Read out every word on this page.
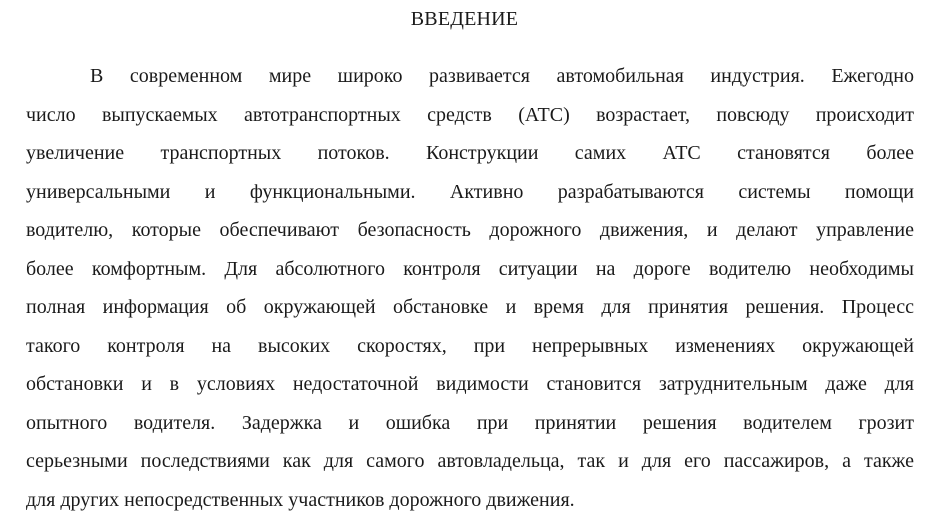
ВВЕДЕНИЕ
В современном мире широко развивается автомобильная индустрия. Ежегодно
число выпускаемых автотранспортных средств (АТС) возрастает, повсюду происходит
увеличение транспортных потоков. Конструкции самих АТС становятся более
универсальными и функциональными. Активно разрабатываются системы помощи
водителю, которые обеспечивают безопасность дорожного движения, и делают управление
более комфортным. Для абсолютного контроля ситуации на дороге водителю необходимы
полная информация об окружающей обстановке и время для принятия решения. Процесс
такого контроля на высоких скоростях, при непрерывных изменениях окружающей
обстановки и в условиях недостаточной видимости становится затруднительным даже для
опытного водителя. Задержка и ошибка при принятии решения водителем грозит
серьезными последствиями как для самого автовладельца, так и для его пассажиров, а также
для других непосредственных участников дорожного движения.
